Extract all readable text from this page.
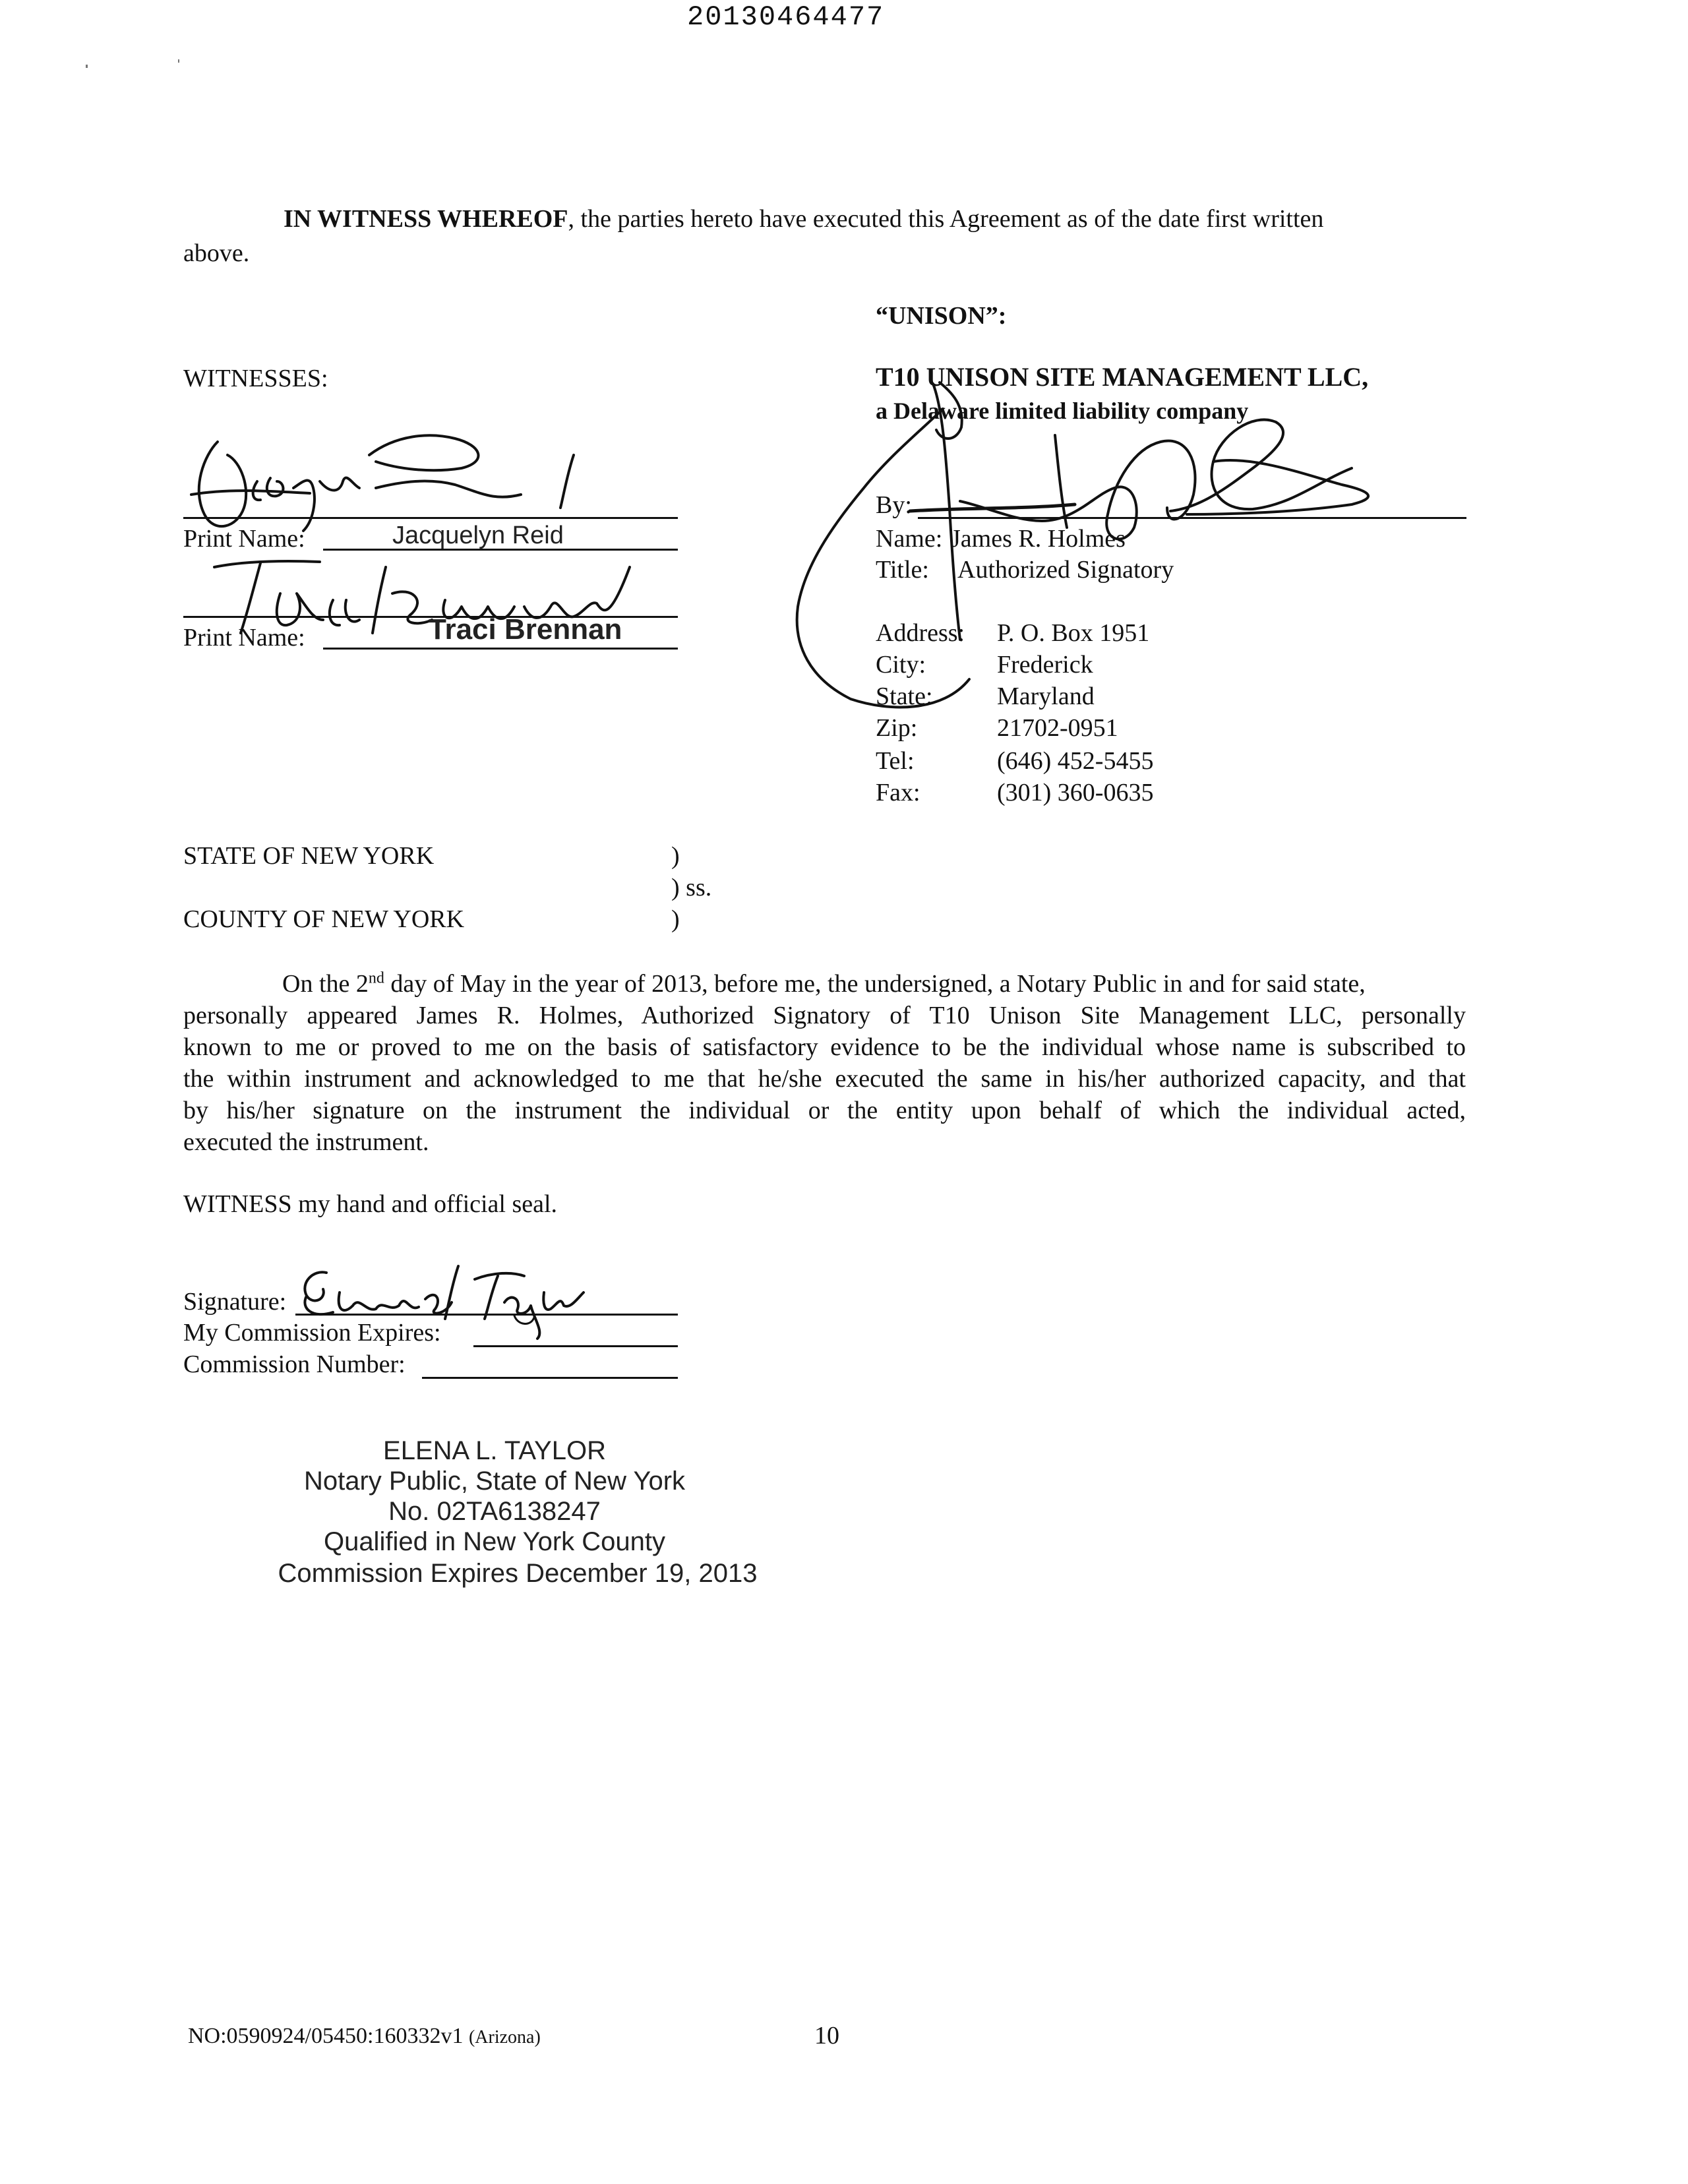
20130464477
IN WITNESS WHEREOF, the parties hereto have executed this Agreement as of the date first written
above.
“UNISON”:
WITNESSES:	T10 UNISON SITE MANAGEMENT LLC,
a Delaware limited liability company
By:
Name: James R. Holmes
Title: Authorized Signatory
Address: P. O. Box 1951
City:	Frederick
State:	Maryland
Zip:	21702-0951
Tel:	(646) 452-5455
Fax:	(301) 360-0635
Print Name:	Jacquelyn Reid
Print Name:	Traci Brennan
STATE OF NEW YORK	)
) ss.
COUNTY OF NEW YORK	)
On the 2nd day of May in the year of 2013, before me, the undersigned, a Notary Public in and for said state,
personally appeared James R. Holmes, Authorized Signatory of T10 Unison Site Management LLC, personally
known to me or proved to me on the basis of satisfactory evidence to be the individual whose name is subscribed to
the within instrument and acknowledged to me that he/she executed the same in his/her authorized capacity, and that
by his/her signature on the instrument the individual or the entity upon behalf of which the individual acted,
executed the instrument.
WITNESS my hand and official seal.
Signature:
My Commission Expires:
Commission Number:
ELENA L. TAYLOR
Notary Public, State of New York
No. 02TA6138247
Qualified in New York County
Commission Expires December 19, 2013
NO:0590924/05450:160332v1 (Arizona)	10
